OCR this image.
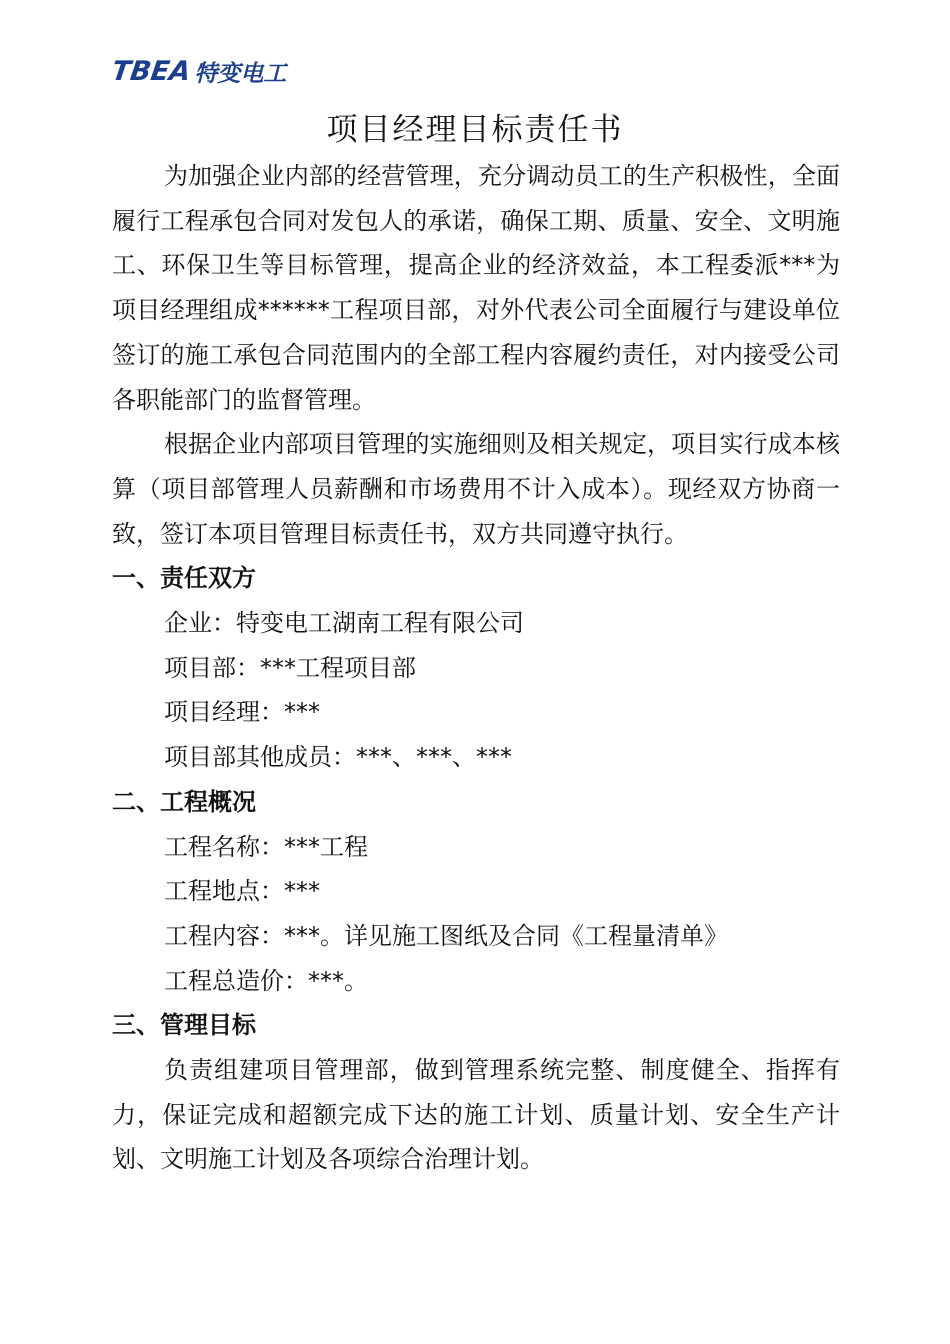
TBEA 特变电工
项目经理目标责任书

为加强企业内部的经营管理，充分调动员工的生产积极性，全面履行工程承包合同对发包人的承诺，确保工期、质量、安全、文明施工、环保卫生等目标管理，提高企业的经济效益，本工程委派***为项目经理组成******工程项目部，对外代表公司全面履行与建设单位签订的施工承包合同范围内的全部工程内容履约责任，对内接受公司各职能部门的监督管理。

根据企业内部项目管理的实施细则及相关规定，项目实行成本核算（项目部管理人员薪酬和市场费用不计入成本）。现经双方协商一致，签订本项目管理目标责任书，双方共同遵守执行。

一、责任双方

企业：特变电工湖南工程有限公司

项目部：***工程项目部

项目经理：***

项目部其他成员：***、***、***

二、工程概况

工程名称：***工程

工程地点：***

工程内容：***。详见施工图纸及合同《工程量清单》

工程总造价：***。

三、管理目标

负责组建项目管理部，做到管理系统完整、制度健全、指挥有力，保证完成和超额完成下达的施工计划、质量计划、安全生产计划、文明施工计划及各项综合治理计划。
